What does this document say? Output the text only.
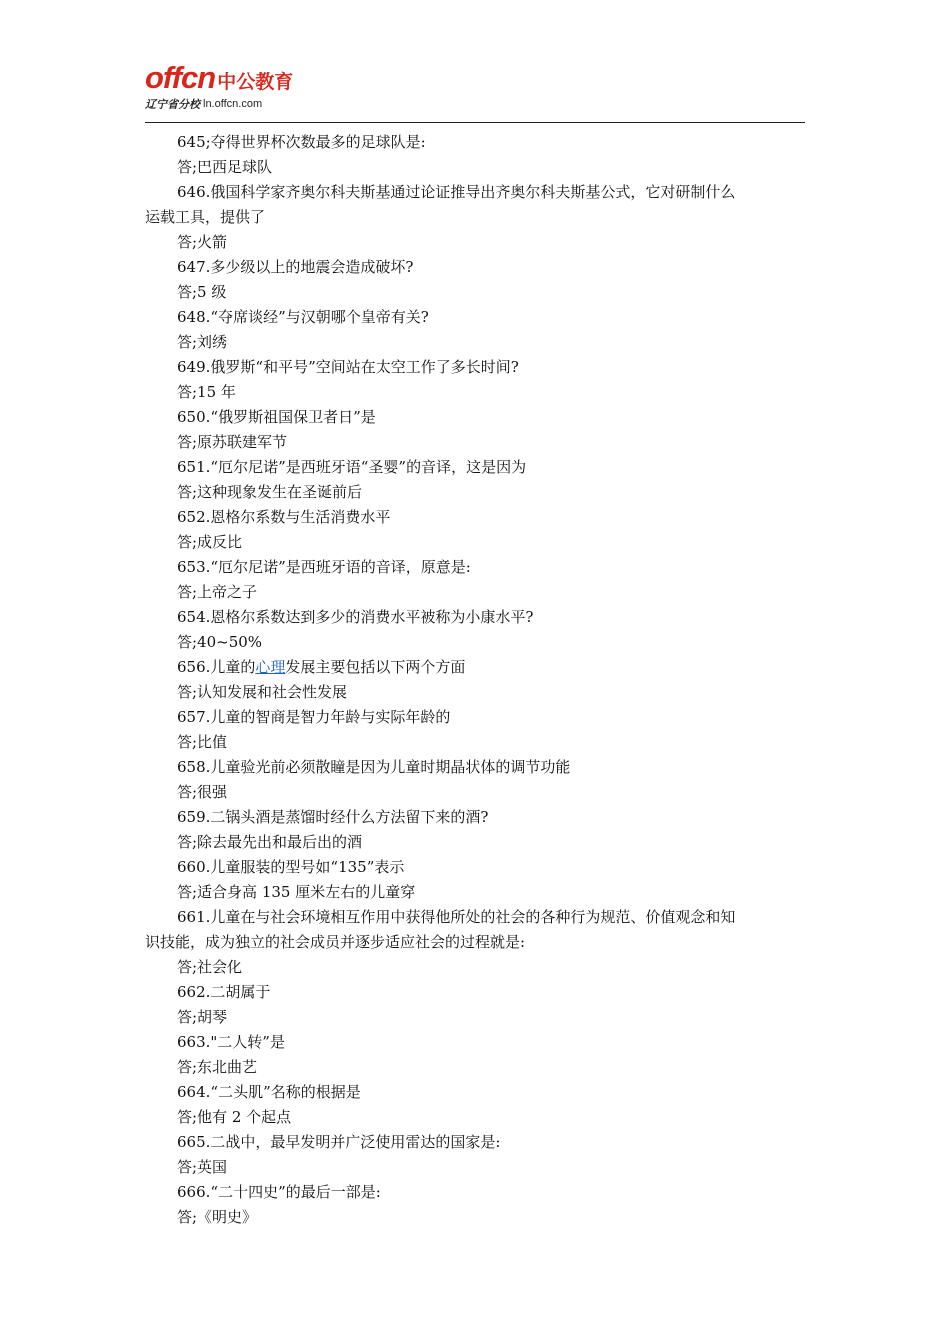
offcn 中公教育
辽宁省分校 ln.offcn.com
645;夺得世界杯次数最多的足球队是:
答;巴西足球队
646.俄国科学家齐奥尔科夫斯基通过论证推导出齐奥尔科夫斯基公式，它对研制什么
运载工具，提供了
答;火箭
647.多少级以上的地震会造成破坏?
答;5 级
648.“夺席谈经”与汉朝哪个皇帝有关?
答;刘绣
649.俄罗斯“和平号”空间站在太空工作了多长时间?
答;15 年
650.“俄罗斯祖国保卫者日”是
答;原苏联建军节
651.“厄尔尼诺”是西班牙语“圣婴”的音译，这是因为
答;这种现象发生在圣诞前后
652.恩格尔系数与生活消费水平
答;成反比
653.“厄尔尼诺”是西班牙语的音译，原意是:
答;上帝之子
654.恩格尔系数达到多少的消费水平被称为小康水平?
答;40~50%
656.儿童的心理发展主要包括以下两个方面
答;认知发展和社会性发展
657.儿童的智商是智力年龄与实际年龄的
答;比值
658.儿童验光前必须散瞳是因为儿童时期晶状体的调节功能
答;很强
659.二锅头酒是蒸馏时经什么方法留下来的酒?
答;除去最先出和最后出的酒
660.儿童服装的型号如“135”表示
答;适合身高 135 厘米左右的儿童穿
661.儿童在与社会环境相互作用中获得他所处的社会的各种行为规范、价值观念和知
识技能，成为独立的社会成员并逐步适应社会的过程就是:
答;社会化
662.二胡属于
答;胡琴
663."二人转”是
答;东北曲艺
664.“二头肌”名称的根据是
答;他有 2 个起点
665.二战中，最早发明并广泛使用雷达的国家是:
答;英国
666.“二十四史”的最后一部是:
答;《明史》
